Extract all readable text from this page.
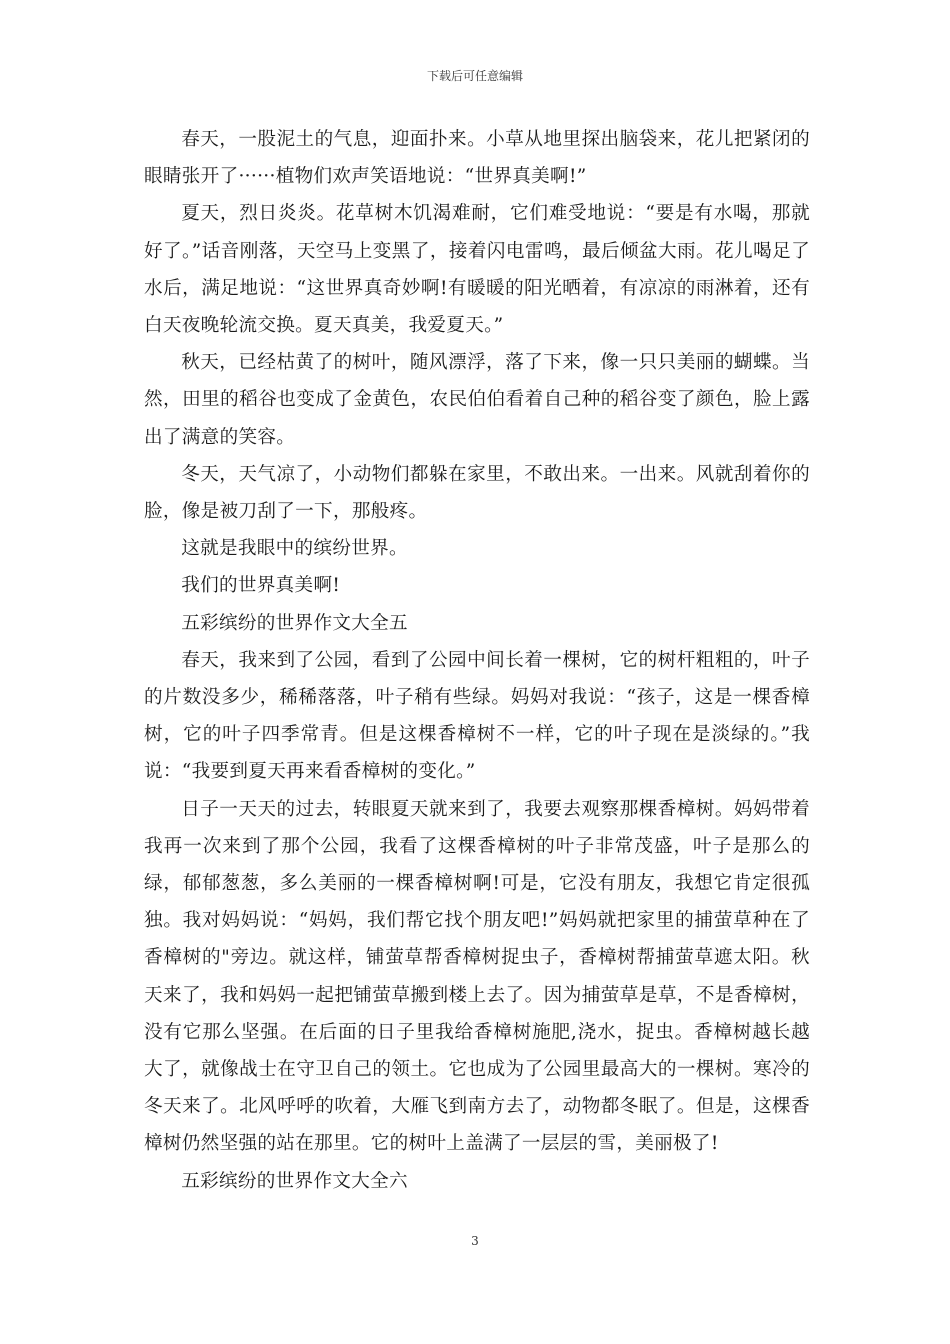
下载后可任意编辑

春天，一股泥土的气息，迎面扑来。小草从地里探出脑袋来，花儿把紧闭的眼睛张开了······植物们欢声笑语地说：“世界真美啊!”

夏天，烈日炎炎。花草树木饥渴难耐，它们难受地说：“要是有水喝，那就好了。”话音刚落，天空马上变黑了，接着闪电雷鸣，最后倾盆大雨。花儿喝足了水后，满足地说：“这世界真奇妙啊!有暖暖的阳光晒着，有凉凉的雨淋着，还有白天夜晚轮流交换。夏天真美，我爱夏天。”

秋天，已经枯黄了的树叶，随风漂浮，落了下来，像一只只美丽的蝴蝶。当然，田里的稻谷也变成了金黄色，农民伯伯看着自己种的稻谷变了颜色，脸上露出了满意的笑容。

冬天，天气凉了，小动物们都躲在家里，不敢出来。一出来。风就刮着你的脸，像是被刀刮了一下，那般疼。

这就是我眼中的缤纷世界。

我们的世界真美啊!

五彩缤纷的世界作文大全五

春天，我来到了公园，看到了公园中间长着一棵树，它的树杆粗粗的，叶子的片数没多少，稀稀落落，叶子稍有些绿。妈妈对我说：“孩子，这是一棵香樟树，它的叶子四季常青。但是这棵香樟树不一样，它的叶子现在是淡绿的。”我说：“我要到夏天再来看香樟树的变化。”

日子一天天的过去，转眼夏天就来到了，我要去观察那棵香樟树。妈妈带着我再一次来到了那个公园，我看了这棵香樟树的叶子非常茂盛，叶子是那么的绿，郁郁葱葱，多么美丽的一棵香樟树啊!可是，它没有朋友，我想它肯定很孤独。我对妈妈说：“妈妈，我们帮它找个朋友吧!”妈妈就把家里的捕萤草种在了香樟树的"旁边。就这样，铺萤草帮香樟树捉虫子，香樟树帮捕萤草遮太阳。秋天来了，我和妈妈一起把铺萤草搬到楼上去了。因为捕萤草是草，不是香樟树，没有它那么坚强。在后面的日子里我给香樟树施肥,浇水，捉虫。香樟树越长越大了，就像战士在守卫自己的领土。它也成为了公园里最高大的一棵树。寒冷的冬天来了。北风呼呼的吹着，大雁飞到南方去了，动物都冬眠了。但是，这棵香樟树仍然坚强的站在那里。它的树叶上盖满了一层层的雪，美丽极了!

五彩缤纷的世界作文大全六

3
